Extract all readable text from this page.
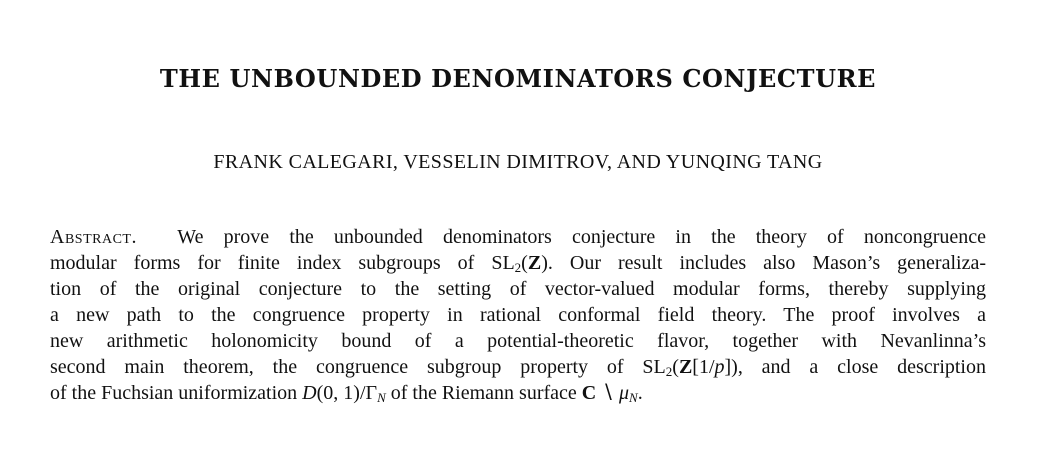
THE UNBOUNDED DENOMINATORS CONJECTURE
FRANK CALEGARI, VESSELIN DIMITROV, AND YUNQING TANG
Abstract. We prove the unbounded denominators conjecture in the theory of noncongruence
modular forms for finite index subgroups of $SL_2(Z)$. Our result includes also Mason’s generaliza-
tion of the original conjecture to the setting of vector-valued modular forms, thereby supplying
a new path to the congruence property in rational conformal field theory. The proof involves a
new arithmetic holonomicity bound of a potential-theoretic flavor, together with Nevanlinna’s
second main theorem, the congruence subgroup property of $SL_2(Z[1/p])$, and a close description
of the Fuchsian uniformization D(0, $1)/\Gamma_N$ of the Riemann surface C ∖ $\mu_N$.
